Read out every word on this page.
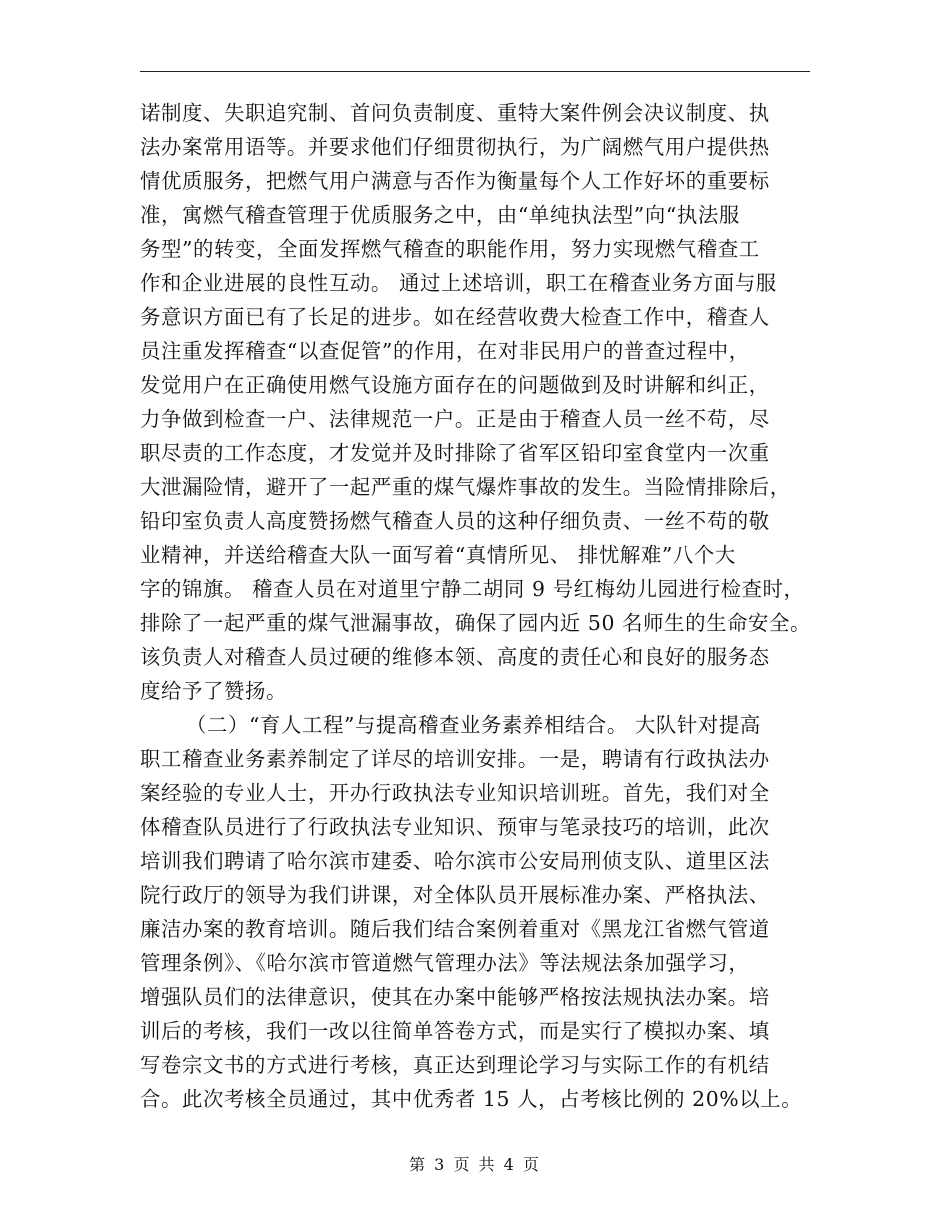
诺制度、失职追究制、首问负责制度、重特大案件例会决议制度、执
法办案常用语等。并要求他们仔细贯彻执行，为广阔燃气用户提供热
情优质服务，把燃气用户满意与否作为衡量每个人工作好坏的重要标
准，寓燃气稽查管理于优质服务之中，由“单纯执法型”向“执法服
务型”的转变，全面发挥燃气稽查的职能作用，努力实现燃气稽查工
作和企业进展的良性互动。 通过上述培训，职工在稽查业务方面与服
务意识方面已有了长足的进步。如在经营收费大检查工作中，稽查人
员注重发挥稽查“以查促管”的作用，在对非民用户的普查过程中，
发觉用户在正确使用燃气设施方面存在的问题做到及时讲解和纠正，
力争做到检查一户、法律规范一户。正是由于稽查人员一丝不苟，尽
职尽责的工作态度，才发觉并及时排除了省军区铅印室食堂内一次重
大泄漏险情，避开了一起严重的煤气爆炸事故的发生。当险情排除后，
铅印室负责人高度赞扬燃气稽查人员的这种仔细负责、一丝不苟的敬
业精神，并送给稽查大队一面写着“真情所见、 排忧解难”八个大
字的锦旗。 稽查人员在对道里宁静二胡同 9 号红梅幼儿园进行检查时，
排除了一起严重的煤气泄漏事故，确保了园内近 50 名师生的生命安全。
该负责人对稽查人员过硬的维修本领、高度的责任心和良好的服务态
度给予了赞扬。
（二）“育人工程”与提高稽查业务素养相结合。 大队针对提高
职工稽查业务素养制定了详尽的培训安排。一是，聘请有行政执法办
案经验的专业人士，开办行政执法专业知识培训班。首先，我们对全
体稽查队员进行了行政执法专业知识、预审与笔录技巧的培训，此次
培训我们聘请了哈尔滨市建委、哈尔滨市公安局刑侦支队、道里区法
院行政厅的领导为我们讲课，对全体队员开展标准办案、严格执法、
廉洁办案的教育培训。随后我们结合案例着重对《黑龙江省燃气管道
管理条例》、《哈尔滨市管道燃气管理办法》等法规法条加强学习，
增强队员们的法律意识，使其在办案中能够严格按法规执法办案。培
训后的考核，我们一改以往简单答卷方式，而是实行了模拟办案、填
写卷宗文书的方式进行考核，真正达到理论学习与实际工作的有机结
合。此次考核全员通过，其中优秀者 15 人，占考核比例的 20%以上。
第 3 页 共 4 页
